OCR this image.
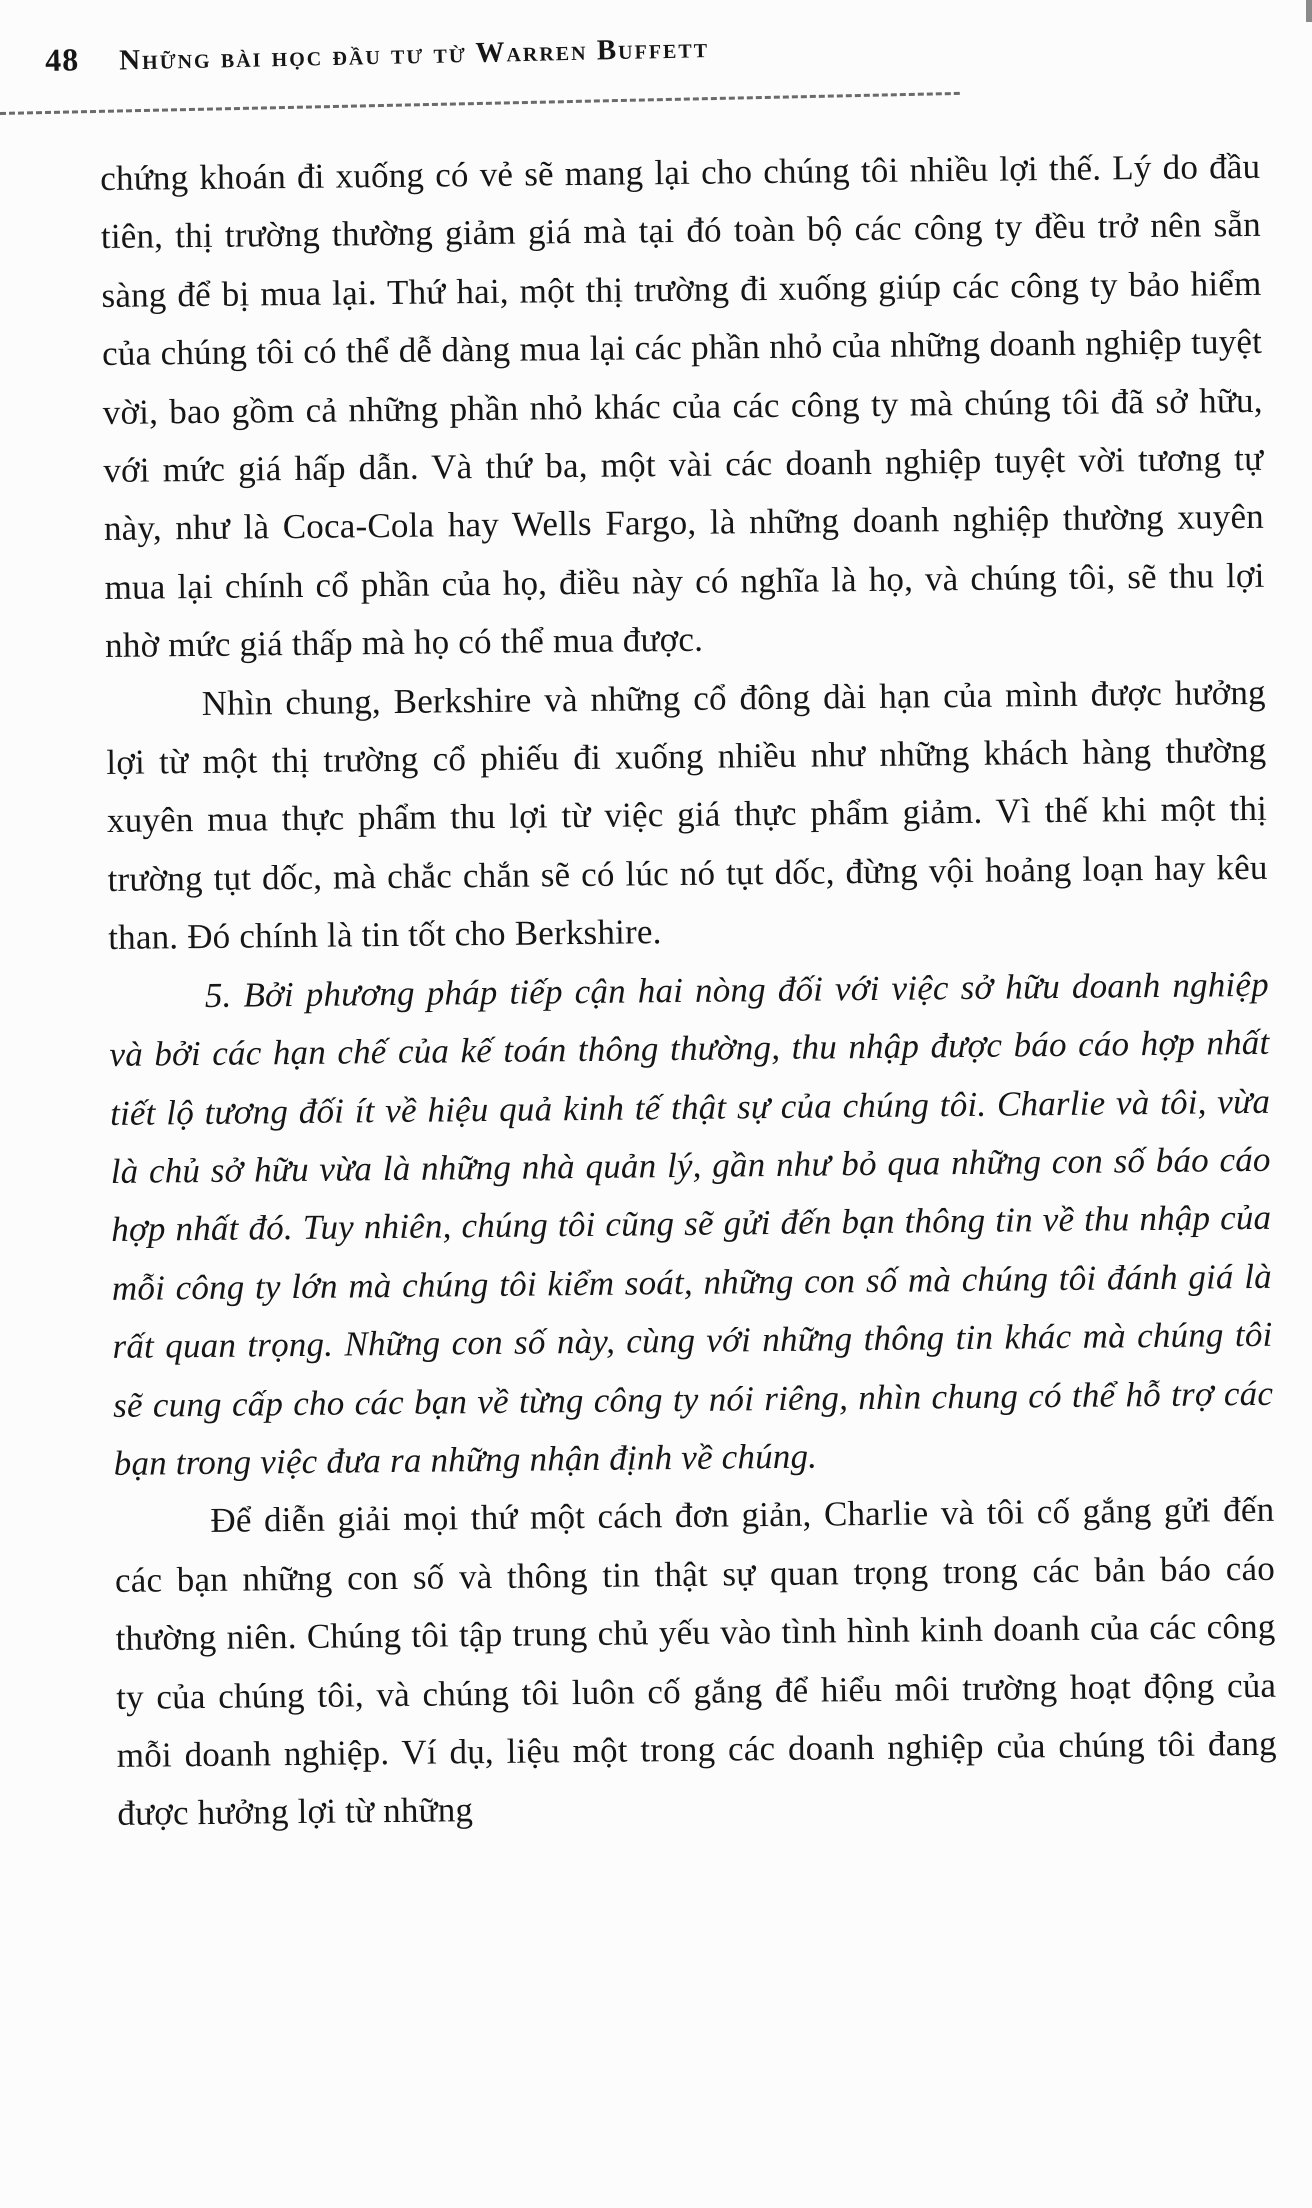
48 Những bài học đầu tư từ Warren Buffett

chứng khoán đi xuống có vẻ sẽ mang lại cho chúng tôi nhiều lợi thế. Lý do đầu tiên, thị trường thường giảm giá mà tại đó toàn bộ các công ty đều trở nên sẵn sàng để bị mua lại. Thứ hai, một thị trường đi xuống giúp các công ty bảo hiểm của chúng tôi có thể dễ dàng mua lại các phần nhỏ của những doanh nghiệp tuyệt vời, bao gồm cả những phần nhỏ khác của các công ty mà chúng tôi đã sở hữu, với mức giá hấp dẫn. Và thứ ba, một vài các doanh nghiệp tuyệt vời tương tự này, như là Coca-Cola hay Wells Fargo, là những doanh nghiệp thường xuyên mua lại chính cổ phần của họ, điều này có nghĩa là họ, và chúng tôi, sẽ thu lợi nhờ mức giá thấp mà họ có thể mua được.

Nhìn chung, Berkshire và những cổ đông dài hạn của mình được hưởng lợi từ một thị trường cổ phiếu đi xuống nhiều như những khách hàng thường xuyên mua thực phẩm thu lợi từ việc giá thực phẩm giảm. Vì thế khi một thị trường tụt dốc, mà chắc chắn sẽ có lúc nó tụt dốc, đừng vội hoảng loạn hay kêu than. Đó chính là tin tốt cho Berkshire.

5. Bởi phương pháp tiếp cận hai nòng đối với việc sở hữu doanh nghiệp và bởi các hạn chế của kế toán thông thường, thu nhập được báo cáo hợp nhất tiết lộ tương đối ít về hiệu quả kinh tế thật sự của chúng tôi. Charlie và tôi, vừa là chủ sở hữu vừa là những nhà quản lý, gần như bỏ qua những con số báo cáo hợp nhất đó. Tuy nhiên, chúng tôi cũng sẽ gửi đến bạn thông tin về thu nhập của mỗi công ty lớn mà chúng tôi kiểm soát, những con số mà chúng tôi đánh giá là rất quan trọng. Những con số này, cùng với những thông tin khác mà chúng tôi sẽ cung cấp cho các bạn về từng công ty nói riêng, nhìn chung có thể hỗ trợ các bạn trong việc đưa ra những nhận định về chúng.

Để diễn giải mọi thứ một cách đơn giản, Charlie và tôi cố gắng gửi đến các bạn những con số và thông tin thật sự quan trọng trong các bản báo cáo thường niên. Chúng tôi tập trung chủ yếu vào tình hình kinh doanh của các công ty của chúng tôi, và chúng tôi luôn cố gắng để hiểu môi trường hoạt động của mỗi doanh nghiệp. Ví dụ, liệu một trong các doanh nghiệp của chúng tôi đang được hưởng lợi từ những
